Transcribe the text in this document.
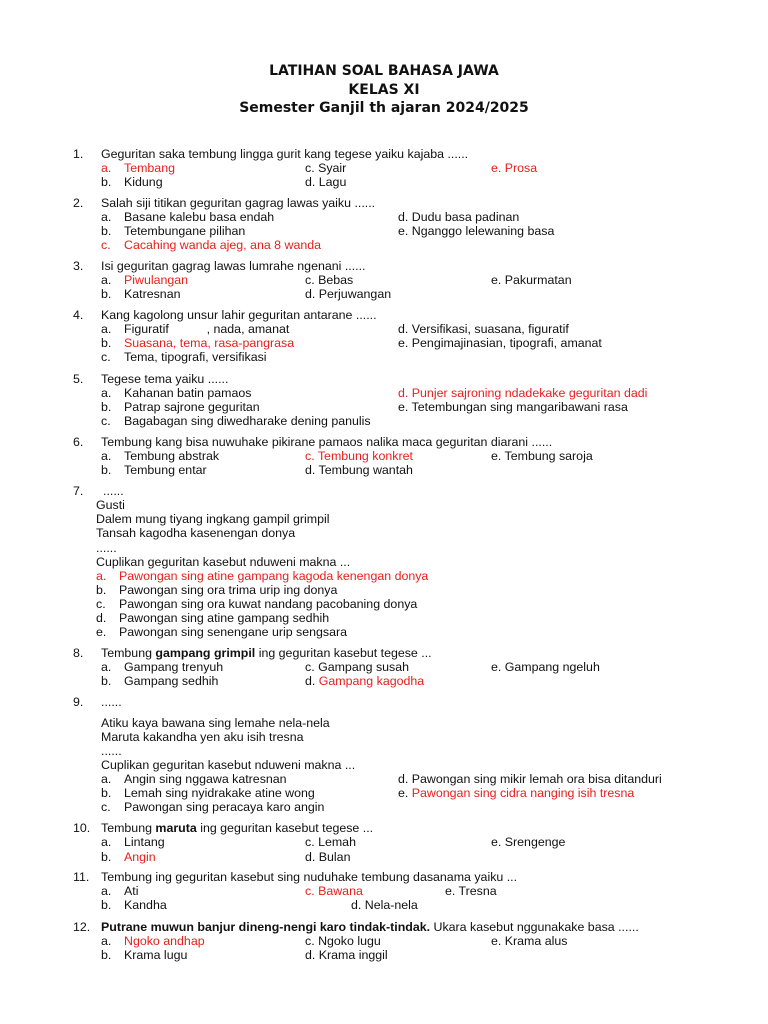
LATIHAN SOAL BAHASA JAWA
KELAS XI
Semester Ganjil th ajaran 2024/2025
1. Geguritan saka tembung lingga gurit kang tegese yaiku kajaba ......
a. Tembang
b. Kidung
c. Syair
d. Lagu
e. Prosa
2. Salah siji titikan geguritan gagrag lawas yaiku ......
a. Basane kalebu basa endah
b. Tetembungane pilihan
c. Cacahing wanda ajeg, ana 8 wanda
d. Dudu basa padinan
e. Nganggo lelewaning basa
3. Isi geguritan gagrag lawas lumrahe ngenani ......
a. Piwulangan
b. Katresnan
c. Bebas
d. Perjuwangan
e. Pakurmatan
4. Kang kagolong unsur lahir geguritan antarane ......
a. Figuratif           , nada, amanat
b. Suasana, tema, rasa-pangrasa
c. Tema, tipografi, versifikasi
d. Versifikasi, suasana, figuratif
e. Pengimajinasian, tipografi, amanat
5. Tegese tema yaiku ......
a. Kahanan batin pamaos
b. Patrap sajrone geguritan
c. Bagabagan sing diwedharake dening panulis
d. Punjer sajroning ndadekake geguritan dadi
e. Tetembungan sing mangaribawani rasa
6. Tembung kang bisa nuwuhake pikirane pamaos nalika maca geguritan diarani ......
a. Tembung abstrak
b. Tembung entar
c. Tembung konkret
d. Tembung wantah
e. Tembung saroja
7. ......
Gusti
Dalem mung tiyang ingkang gampil grimpil
Tansah kagodha kasenengan donya
......
Cuplikan geguritan kasebut nduweni makna ...
a. Pawongan sing atine gampang kagoda kenengan donya
b. Pawongan sing ora trima urip ing donya
c. Pawongan sing ora kuwat nandang pacobaning donya
d. Pawongan sing atine gampang sedhih
e. Pawongan sing senengane urip sengsara
8. Tembung gampang grimpil ing geguritan kasebut tegese ...
a. Gampang trenyuh
b. Gampang sedhih
c. Gampang susah
d. Gampang kagodha
e. Gampang ngeluh
9. ......
Atiku kaya bawana sing lemahe nela-nela
Maruta kakandha yen aku isih tresna
......
Cuplikan geguritan kasebut nduweni makna ...
a. Angin sing nggawa katresnan
b. Lemah sing nyidrakake atine wong
c. Pawongan sing peracaya karo angin
d. Pawongan sing mikir lemah ora bisa ditanduri
e. Pawongan sing cidra nanging isih tresna
10. Tembung maruta ing geguritan kasebut tegese ...
a. Lintang
b. Angin
c. Lemah
d. Bulan
e. Srengenge
11. Tembung ing geguritan kasebut sing nuduhake tembung dasanama yaiku ...
a. Ati
b. Kandha
c. Bawana
d. Nela-nela
e. Tresna
12. Putrane muwun banjur dineng-nengi karo tindak-tindak. Ukara kasebut nggunakake basa ......
a. Ngoko andhap
b. Krama lugu
c. Ngoko lugu
d. Krama inggil
e. Krama alus
